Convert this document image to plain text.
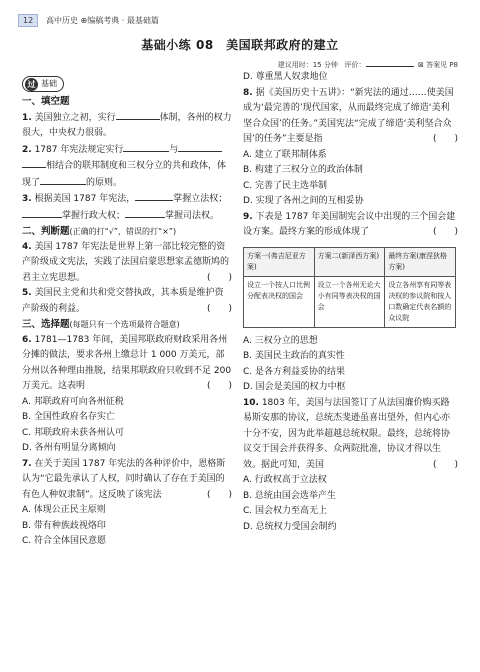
12	高中历史 ⊕编稿考典 · 最基础篇
基础小练 08　美国联邦政府的建立
建议用时：15 分钟 评价：	⊠ 答案见 P8
过 基础
一、填空题
1. 美国独立之初，实行	体制，各州的权力很大，中央权力很弱。
2. 1787 年宪法规定实行	与相结合的联邦制度和三权分立的共和政体，体现了	的原则。
3. 根据美国 1787 年宪法，	掌握立法权；掌握行政大权；	掌握司法权。
二、判断题(正确的打“√”，错误的打“×”)
4. 美国 1787 年宪法是世界上第一部比较完整的资产阶级成文宪法，实践了法国启蒙思想家孟德斯鸠的君主立宪思想。	(　　)
5. 美国民主党和共和党交替执政，其本质是维护资产阶级的利益。	(　　)
三、选择题(每题只有一个选项最符合题意)
6. 1781—1783 年间，美国邦联政府财政采用各州分摊的做法，要求各州上缴总计 1 000 万美元，部分州以各种理由推脱，结果邦联政府只收到不足 200 万美元。这表明	(　　)
A. 邦联政府可向各州征税
B. 全国性政府名存实亡
C. 邦联政府未获各州认可
D. 各州有明显分离倾向
7. 在关于美国 1787 年宪法的各种评价中，恩格斯认为“它最先承认了人权，同时确认了存在于美国的有色人种奴隶制”。这反映了该宪法	(　　)
A. 体现公正民主原则
B. 带有种族歧视烙印
C. 符合全体国民意愿
D. 尊重黑人奴隶地位
8. 据《美国历史十五讲》：“新宪法的通过……使美国成为‘最完善的’现代国家，从而最终完成了缔造‘美利坚合众国’的任务。”美国宪法“完成了缔造‘美利坚合众国’的任务”主要是指	(　　)
A. 建立了联邦制体系
B. 构建了三权分立的政治体制
C. 完善了民主选举制
D. 实现了各州之间的互相妥协
9. 下表是 1787 年美国制宪会议中出现的三个国会建设方案。最终方案的形成体现了	(　　)
方案一(弗吉尼亚方案)	方案二(新泽西方案)	最终方案(康涅狄格方案)
设立一个按人口比例分配表决权的国会	设立一个各州无论大小有同等表决权的国会	设立各州享有同等表决权的参议院和按人口数确定代表名额的众议院
A. 三权分立的思想
B. 美国民主政治的真实性
C. 是各方利益妥协的结果
D. 国会是美国的权力中枢
10. 1803 年，美国与法国签订了从法国廉价购买路易斯安那的协议，总统杰斐逊虽喜出望外，但内心亦十分不安，因为此举超越总统权限。最终，总统将协议交于国会并获得多、众两院批准，协议才得以生效。据此可知，美国	(　　)
A. 行政权高于立法权
B. 总统由国会选举产生
C. 国会权力至高无上
D. 总统权力受国会制约
